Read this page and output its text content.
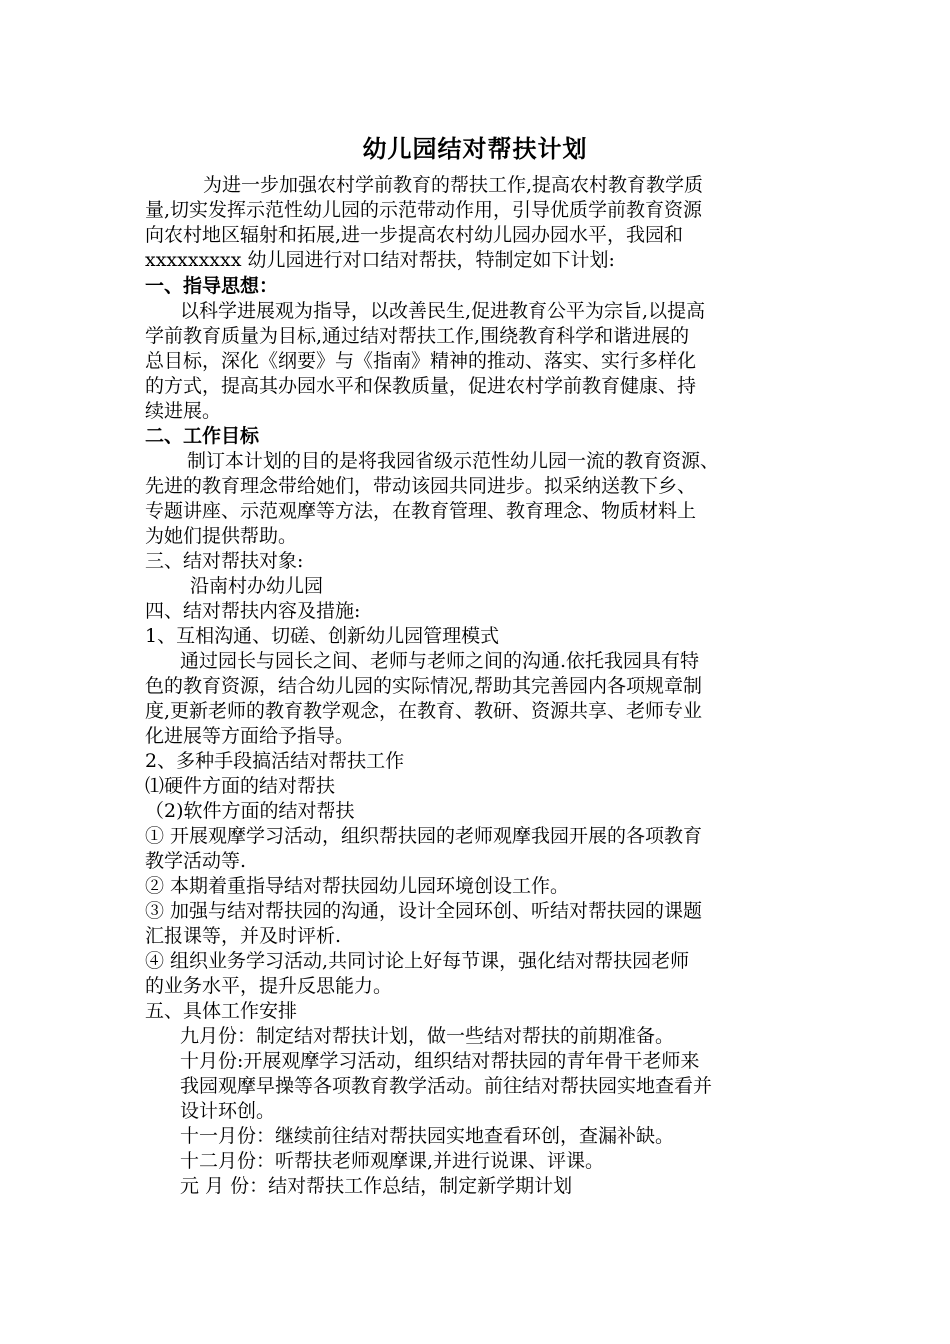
幼儿园结对帮扶计划
为进一步加强农村学前教育的帮扶工作,提高农村教育教学质
量,切实发挥示范性幼儿园的示范带动作用，引导优质学前教育资源
向农村地区辐射和拓展,进一步提高农村幼儿园办园水平，我园和
xxxxxxxxx 幼儿园进行对口结对帮扶，特制定如下计划:
一、指导思想：
以科学进展观为指导，以改善民生,促进教育公平为宗旨,以提高
学前教育质量为目标,通过结对帮扶工作,围绕教育科学和谐进展的
总目标，深化《纲要》与《指南》精神的推动、落实、实行多样化
的方式，提高其办园水平和保教质量，促进农村学前教育健康、持
续进展。
二、工作目标
制订本计划的目的是将我园省级示范性幼儿园一流的教育资源、
先进的教育理念带给她们，带动该园共同进步。拟采纳送教下乡、
专题讲座、示范观摩等方法，在教育管理、教育理念、物质材料上
为她们提供帮助。
三、结对帮扶对象:
沿南村办幼儿园
四、结对帮扶内容及措施:
1、互相沟通、切磋、创新幼儿园管理模式
通过园长与园长之间、老师与老师之间的沟通.依托我园具有特
色的教育资源，结合幼儿园的实际情况,帮助其完善园内各项规章制
度,更新老师的教育教学观念，在教育、教研、资源共享、老师专业
化进展等方面给予指导。
2、多种手段搞活结对帮扶工作
⑴硬件方面的结对帮扶
（2)软件方面的结对帮扶
① 开展观摩学习活动，组织帮扶园的老师观摩我园开展的各项教育
教学活动等.
② 本期着重指导结对帮扶园幼儿园环境创设工作。
③ 加强与结对帮扶园的沟通，设计全园环创、听结对帮扶园的课题
汇报课等，并及时评析.
④ 组织业务学习活动,共同讨论上好每节课，强化结对帮扶园老师
的业务水平，提升反思能力。
五、具体工作安排
九月份：制定结对帮扶计划，做一些结对帮扶的前期准备。
十月份:开展观摩学习活动，组织结对帮扶园的青年骨干老师来
我园观摩早操等各项教育教学活动。前往结对帮扶园实地查看并
设计环创。
十一月份：继续前往结对帮扶园实地查看环创，查漏补缺。
十二月份：听帮扶老师观摩课,并进行说课、评课。
元 月 份：结对帮扶工作总结，制定新学期计划
